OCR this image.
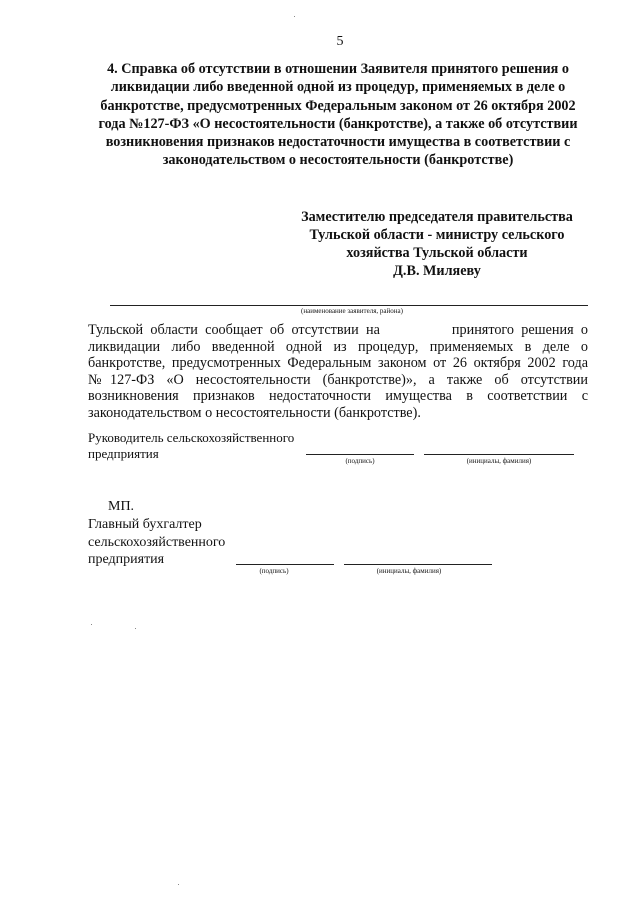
5
4. Справка об отсутствии в отношении Заявителя принятого решения о ликвидации либо введенной одной из процедур, применяемых в деле о банкротстве, предусмотренных Федеральным законом от 26 октября 2002 года №127-ФЗ «О несостоятельности (банкротстве), а также об отсутствии возникновения признаков недостаточности имущества в соответствии с законодательством о несостоятельности (банкротстве)
Заместителю председателя правительства
Тульской области - министру сельского
хозяйства Тульской области
Д.В. Миляеву
(наименование заявителя, района)
Тульской области сообщает об отсутствии на	принятого решения о ликвидации либо введенной одной из процедур, применяемых в деле о банкротстве, предусмотренных Федеральным законом от 26 октября 2002 года №127-ФЗ «О несостоятельности (банкротстве)», а также об отсутствии возникновения признаков недостаточности имущества в соответствии с законодательством о несостоятельности (банкротстве).
Руководитель сельскохозяйственного
предприятия
(подпись)	(инициалы, фамилия)
МП.
Главный бухгалтер
сельскохозяйственного
предприятия
(подпись)	(инициалы, фамилия)
